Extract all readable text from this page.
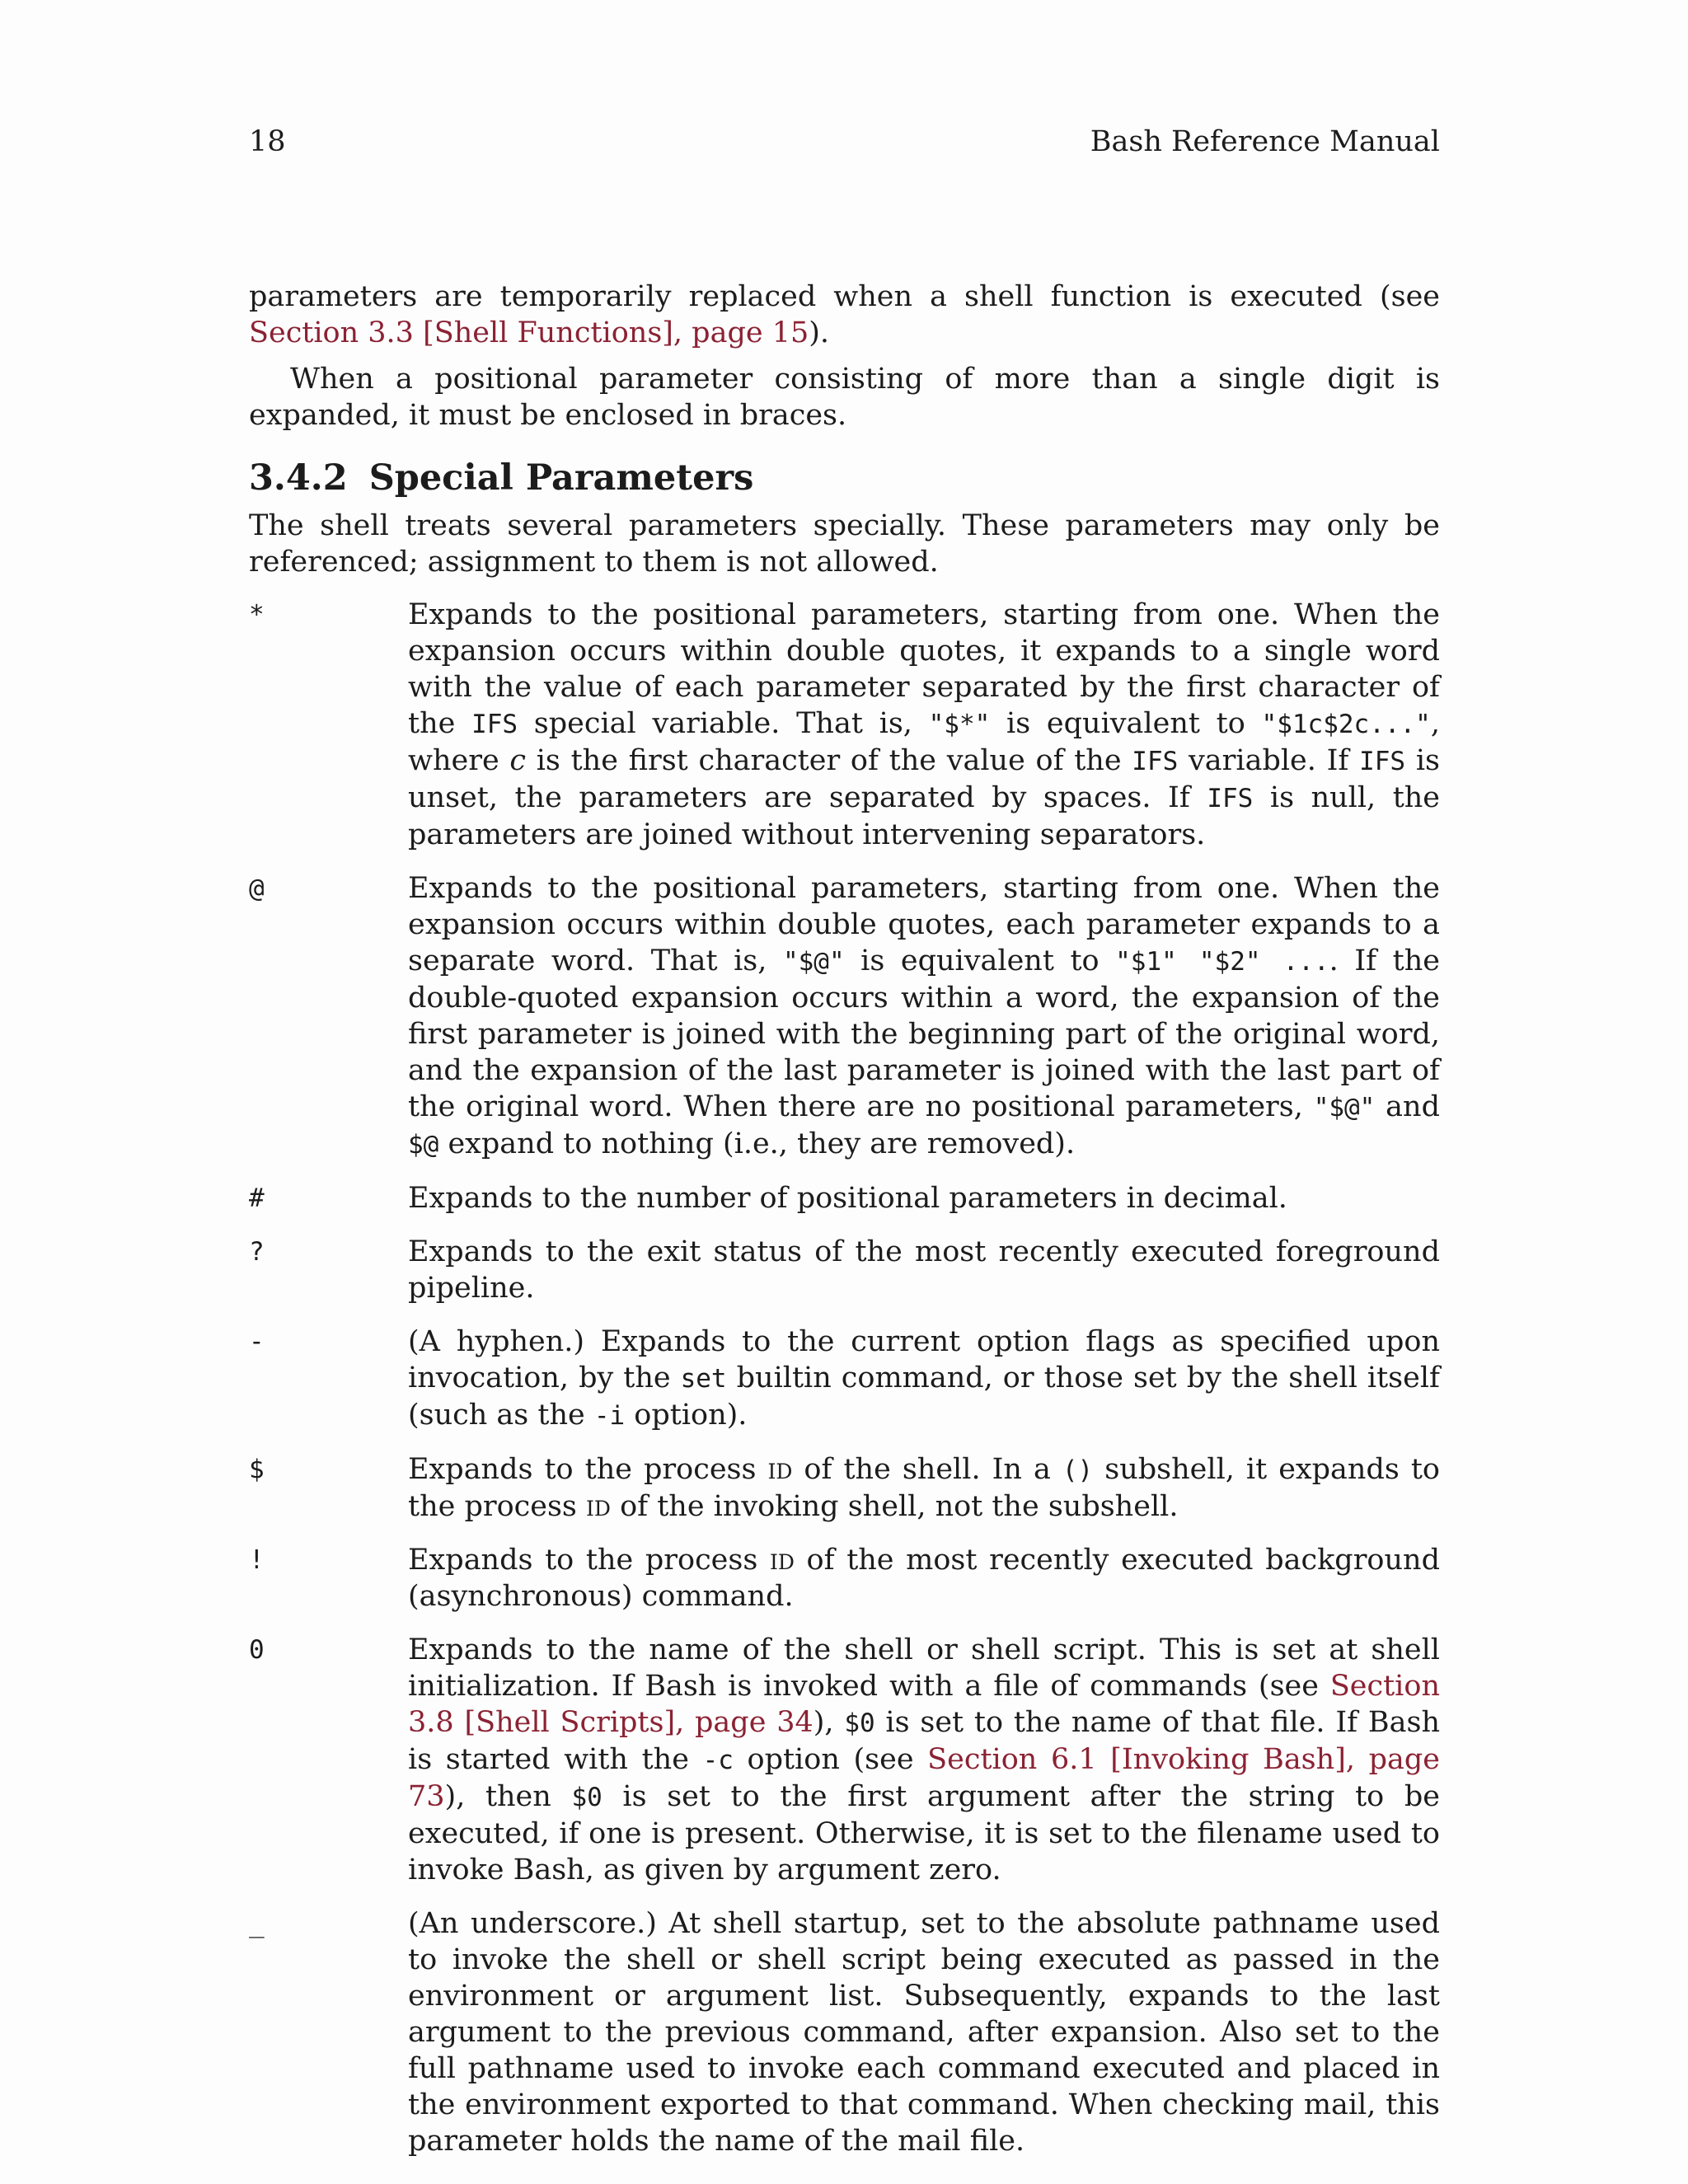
18	Bash Reference Manual

parameters are temporarily replaced when a shell function is executed (see Section 3.3 [Shell Functions], page 15).

When a positional parameter consisting of more than a single digit is expanded, it must be enclosed in braces.

3.4.2 Special Parameters

The shell treats several parameters specially. These parameters may only be referenced; assignment to them is not allowed.

*	Expands to the positional parameters, starting from one. When the expansion occurs within double quotes, it expands to a single word with the value of each parameter separated by the first character of the IFS special variable. That is, "$*" is equivalent to "$1c$2c...", where c is the first character of the value of the IFS variable. If IFS is unset, the parameters are separated by spaces. If IFS is null, the parameters are joined without intervening separators.
@	Expands to the positional parameters, starting from one. When the expansion occurs within double quotes, each parameter expands to a separate word. That is, "$@" is equivalent to "$1" "$2" .... If the double-quoted expansion occurs within a word, the expansion of the first parameter is joined with the beginning part of the original word, and the expansion of the last parameter is joined with the last part of the original word. When there are no positional parameters, "$@" and $@ expand to nothing (i.e., they are removed).
#	Expands to the number of positional parameters in decimal.
?	Expands to the exit status of the most recently executed foreground pipeline.
-	(A hyphen.) Expands to the current option flags as specified upon invocation, by the set builtin command, or those set by the shell itself (such as the -i option).
$	Expands to the process id of the shell. In a () subshell, it expands to the process id of the invoking shell, not the subshell.
!	Expands to the process id of the most recently executed background (asynchronous) command.
0	Expands to the name of the shell or shell script. This is set at shell initialization. If Bash is invoked with a file of commands (see Section 3.8 [Shell Scripts], page 34), $0 is set to the name of that file. If Bash is started with the -c option (see Section 6.1 [Invoking Bash], page 73), then $0 is set to the first argument after the string to be executed, if one is present. Otherwise, it is set to the filename used to invoke Bash, as given by argument zero.
_	(An underscore.) At shell startup, set to the absolute pathname used to invoke the shell or shell script being executed as passed in the environment or argument list. Subsequently, expands to the last argument to the previous command, after expansion. Also set to the full pathname used to invoke each command executed and placed in the environment exported to that command. When checking mail, this parameter holds the name of the mail file.
